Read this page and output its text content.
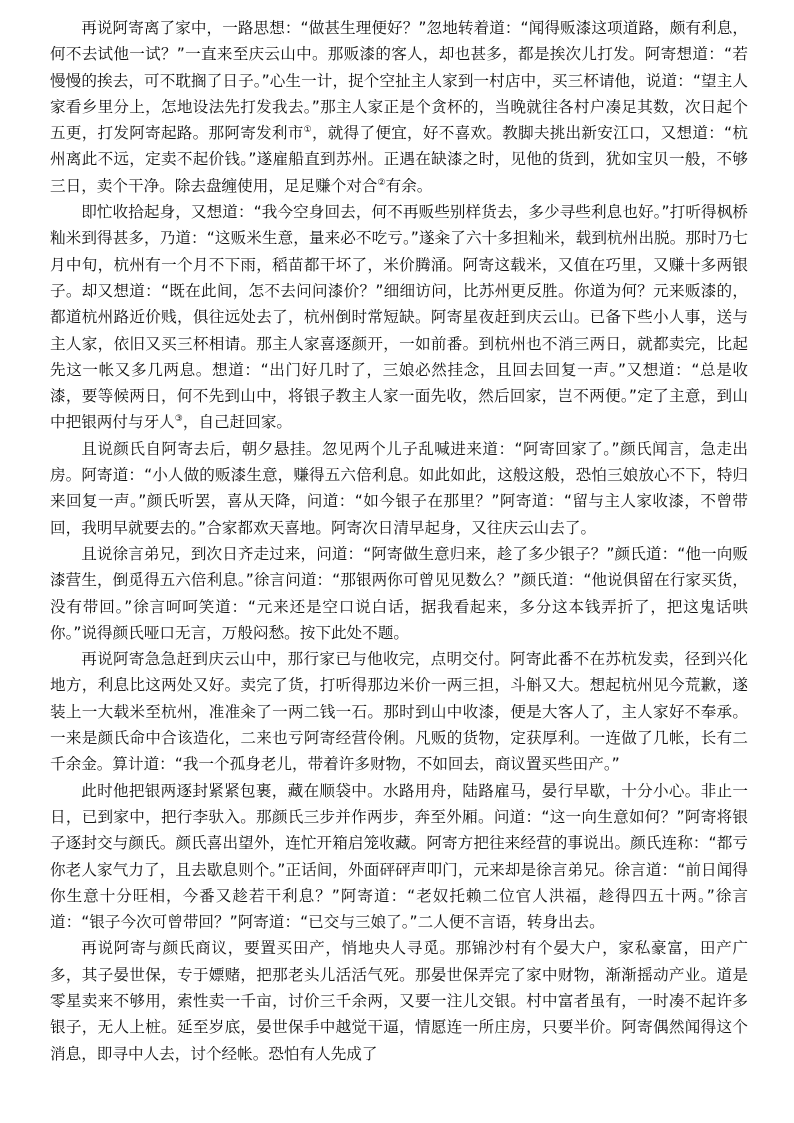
再说阿寄离了家中，一路思想：“做甚生理便好？”忽地转着道：“闻得贩漆这项道路，颇有利息，何不去试他一试？”一直来至庆云山中。那贩漆的客人，却也甚多，都是挨次儿打发。阿寄想道：“若慢慢的挨去，可不耽搁了日子。”心生一计，捉个空扯主人家到一村店中，买三杯请他，说道：“望主人家看乡里分上，怎地设法先打发我去。”那主人家正是个贪杯的，当晚就往各村户凑足其数，次日起个五更，打发阿寄起路。那阿寄发利市①，就得了便宜，好不喜欢。教脚夫挑出新安江口，又想道：“杭州离此不远，定卖不起价钱。”遂雇船直到苏州。正遇在缺漆之时，见他的货到，犹如宝贝一般，不够三日，卖个干净。除去盘缠使用，足足赚个对合②有余。

即忙收拾起身，又想道：“我今空身回去，何不再贩些别样货去，多少寻些利息也好。”打听得枫桥籼米到得甚多，乃道：“这贩米生意，量来必不吃亏。”遂籴了六十多担籼米，载到杭州出脱。那时乃七月中旬，杭州有一个月不下雨，稻苗都干坏了，米价腾涌。阿寄这载米，又值在巧里，又赚十多两银子。却又想道：“既在此间，怎不去问问漆价？”细细访问，比苏州更反胜。你道为何？元来贩漆的，都道杭州路近价贱，俱往远处去了，杭州倒时常短缺。阿寄星夜赶到庆云山。已备下些小人事，送与主人家，依旧又买三杯相请。那主人家喜逐颜开，一如前番。到杭州也不消三两日，就都卖完，比起先这一帐又多几两息。想道：“出门好几时了，三娘必然挂念，且回去回复一声。”又想道：“总是收漆，要等候两日，何不先到山中，将银子教主人家一面先收，然后回家，岂不两便。”定了主意，到山中把银两付与牙人③，自己赶回家。

且说颜氏自阿寄去后，朝夕悬挂。忽见两个儿子乱喊进来道：“阿寄回家了。”颜氏闻言，急走出房。阿寄道：“小人做的贩漆生意，赚得五六倍利息。如此如此，这般这般，恐怕三娘放心不下，特归来回复一声。”颜氏听罢，喜从天降，问道：“如今银子在那里？”阿寄道：“留与主人家收漆，不曾带回，我明早就要去的。”合家都欢天喜地。阿寄次日清早起身，又往庆云山去了。

且说徐言弟兄，到次日齐走过来，问道：“阿寄做生意归来，趁了多少银子？”颜氏道：“他一向贩漆营生，倒觅得五六倍利息。”徐言问道：“那银两你可曾见见数么？”颜氏道：“他说俱留在行家买货，没有带回。”徐言呵呵笑道：“元来还是空口说白话，据我看起来，多分这本钱弄折了，把这鬼话哄你。”说得颜氏哑口无言，万般闷愁。按下此处不题。

再说阿寄急急赶到庆云山中，那行家已与他收完，点明交付。阿寄此番不在苏杭发卖，径到兴化地方，利息比这两处又好。卖完了货，打听得那边米价一两三担，斗斛又大。想起杭州见今荒歉，遂装上一大载米至杭州，准准籴了一两二钱一石。那时到山中收漆，便是大客人了，主人家好不奉承。一来是颜氏命中合该造化，二来也亏阿寄经营伶俐。凡贩的货物，定获厚利。一连做了几帐，长有二千余金。算计道：“我一个孤身老儿，带着许多财物，不如回去，商议置买些田产。”

此时他把银两逐封紧紧包裹，藏在顺袋中。水路用舟，陆路雇马，晏行早歇，十分小心。非止一日，已到家中，把行李驮入。那颜氏三步并作两步，奔至外厢。问道：“这一向生意如何？”阿寄将银子逐封交与颜氏。颜氏喜出望外，连忙开箱启笼收藏。阿寄方把往来经营的事说出。颜氏连称：“都亏你老人家气力了，且去歇息则个。”正话间，外面砰砰声叩门，元来却是徐言弟兄。徐言道：“前日闻得你生意十分旺相，今番又趁若干利息？”阿寄道：“老奴托赖二位官人洪福，趁得四五十两。”徐言道：“银子今次可曾带回？”阿寄道：“已交与三娘了。”二人便不言语，转身出去。

再说阿寄与颜氏商议，要置买田产，悄地央人寻觅。那锦沙村有个晏大户，家私豪富，田产广多，其子晏世保，专于嫖赌，把那老头儿活活气死。那晏世保弄完了家中财物，渐渐摇动产业。道是零星卖来不够用，索性卖一千亩，讨价三千余两，又要一注儿交银。村中富者虽有，一时凑不起许多银子，无人上桩。延至岁底，晏世保手中越觉干逼，情愿连一所庄房，只要半价。阿寄偶然闻得这个消息，即寻中人去，讨个经帐。恐怕有人先成了
